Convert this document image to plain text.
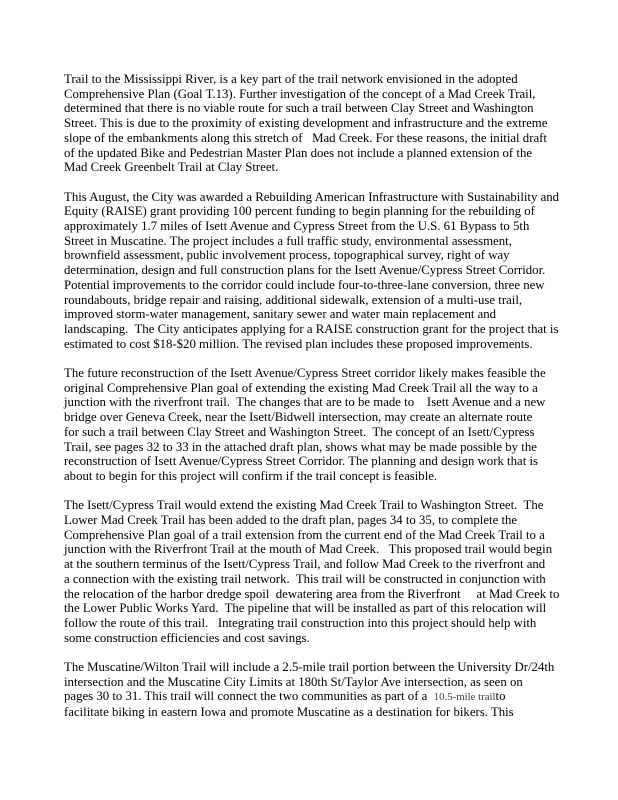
Trail to the Mississippi River, is a key part of the trail network envisioned in the adopted
Comprehensive Plan (Goal T.13). Further investigation of the concept of a Mad Creek Trail,
determined that there is no viable route for such a trail between Clay Street and Washington
Street. This is due to the proximity of existing development and infrastructure and the extreme
slope of the embankments along this stretch of   Mad Creek. For these reasons, the initial draft
of the updated Bike and Pedestrian Master Plan does not include a planned extension of the
Mad Creek Greenbelt Trail at Clay Street.
This August, the City was awarded a Rebuilding American Infrastructure with Sustainability and
Equity (RAISE) grant providing 100 percent funding to begin planning for the rebuilding of
approximately 1.7 miles of Isett Avenue and Cypress Street from the U.S. 61 Bypass to 5th
Street in Muscatine. The project includes a full traffic study, environmental assessment,
brownfield assessment, public involvement process, topographical survey, right of way
determination, design and full construction plans for the Isett Avenue/Cypress Street Corridor.
Potential improvements to the corridor could include four-to-three-lane conversion, three new
roundabouts, bridge repair and raising, additional sidewalk, extension of a multi-use trail,
improved storm-water management, sanitary sewer and water main replacement and
landscaping.  The City anticipates applying for a RAISE construction grant for the project that is
estimated to cost $18-$20 million. The revised plan includes these proposed improvements.
The future reconstruction of the Isett Avenue/Cypress Street corridor likely makes feasible the
original Comprehensive Plan goal of extending the existing Mad Creek Trail all the way to a
junction with the riverfront trail.  The changes that are to be made to    Isett Avenue and a new
bridge over Geneva Creek, near the Isett/Bidwell intersection, may create an alternate route
for such a trail between Clay Street and Washington Street.  The concept of an Isett/Cypress
Trail, see pages 32 to 33 in the attached draft plan, shows what may be made possible by the
reconstruction of Isett Avenue/Cypress Street Corridor. The planning and design work that is
about to begin for this project will confirm if the trail concept is feasible.
The Isett/Cypress Trail would extend the existing Mad Creek Trail to Washington Street.  The
Lower Mad Creek Trail has been added to the draft plan, pages 34 to 35, to complete the
Comprehensive Plan goal of a trail extension from the current end of the Mad Creek Trail to a
junction with the Riverfront Trail at the mouth of Mad Creek.   This proposed trail would begin
at the southern terminus of the Isett/Cypress Trail, and follow Mad Creek to the riverfront and
a connection with the existing trail network.  This trail will be constructed in conjunction with
the relocation of the harbor dredge spoil  dewatering area from the Riverfront     at Mad Creek to
the Lower Public Works Yard.  The pipeline that will be installed as part of this relocation will
follow the route of this trail.   Integrating trail construction into this project should help with
some construction efficiencies and cost savings.
The Muscatine/Wilton Trail will include a 2.5-mile trail portion between the University Dr/24th
intersection and the Muscatine City Limits at 180th St/Taylor Ave intersection, as seen on
pages 30 to 31. This trail will connect the two communities as part of a  10.5-mile trailto
facilitate biking in eastern Iowa and promote Muscatine as a destination for bikers. This
